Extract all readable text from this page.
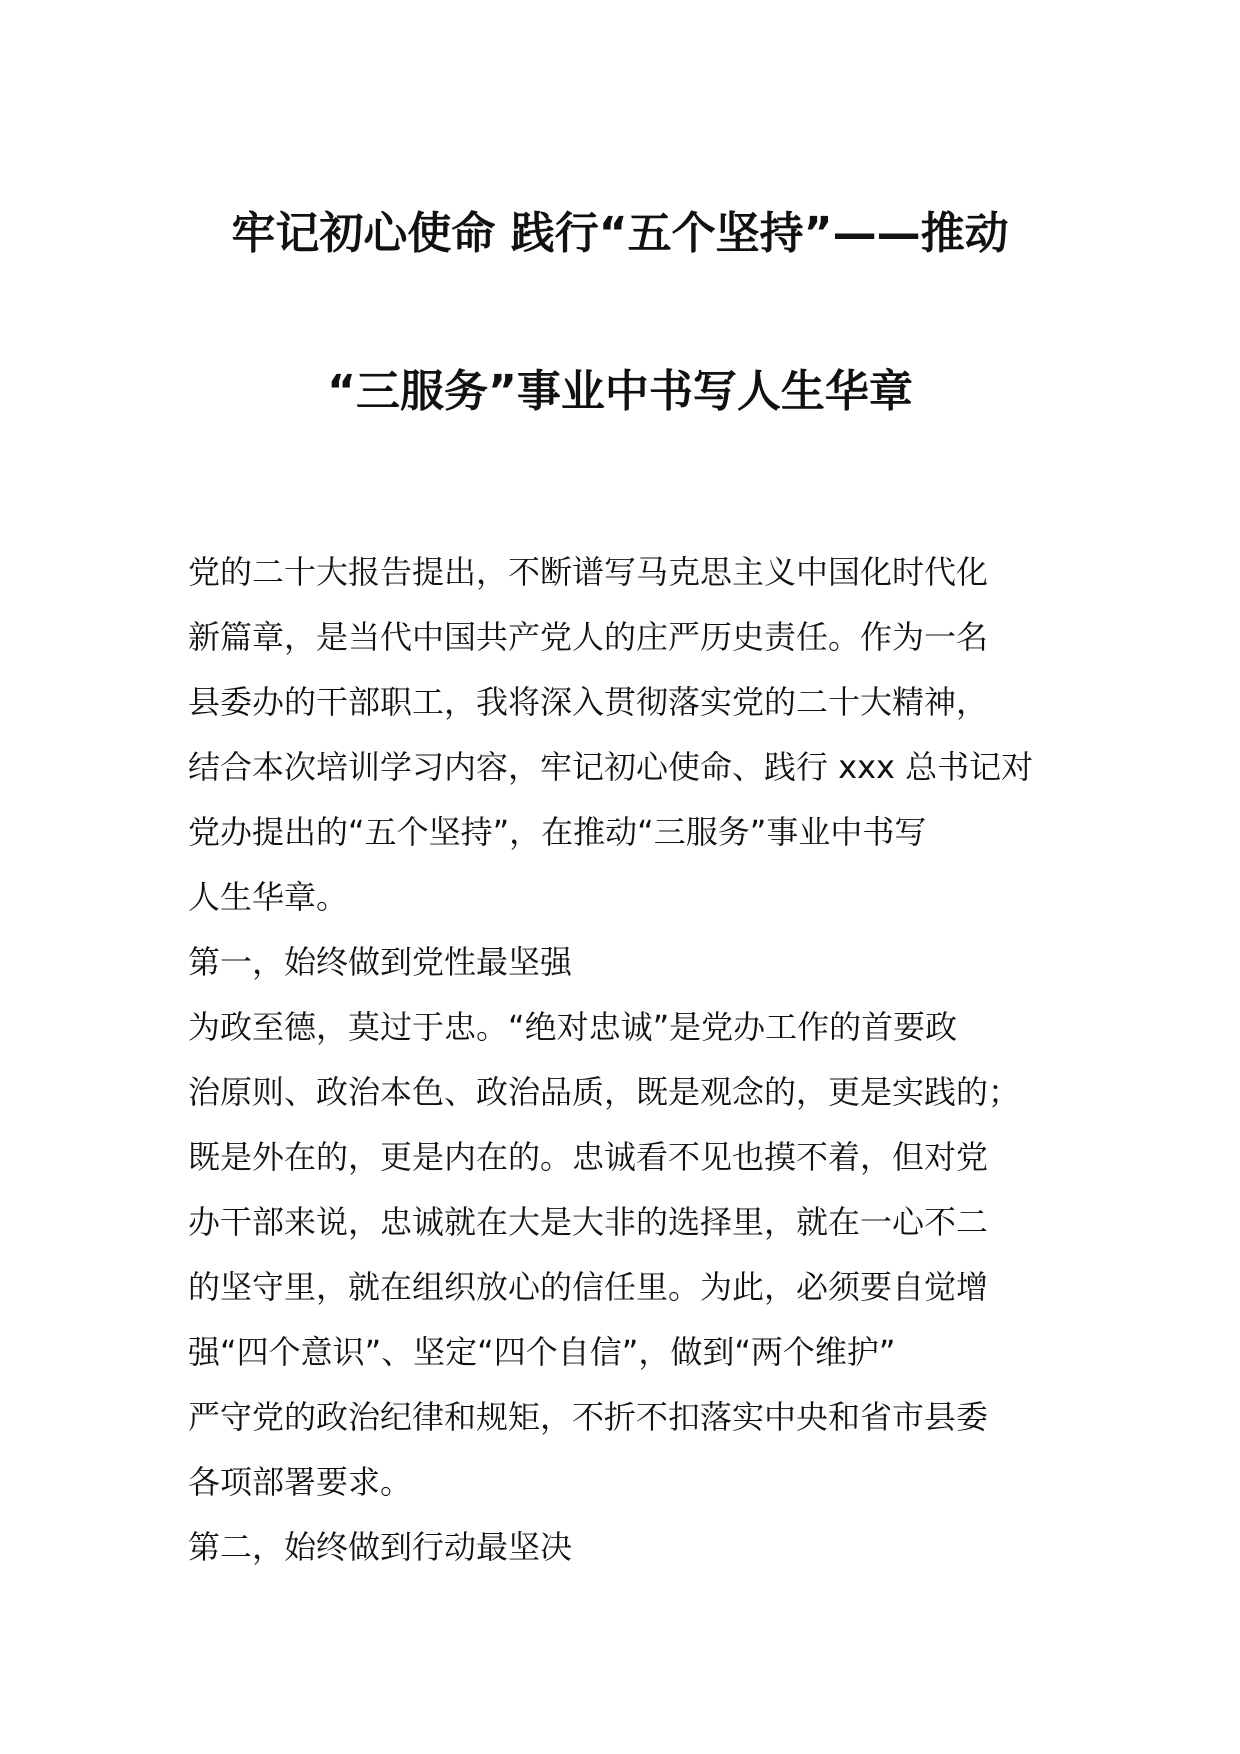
牢记初心使命 践行“五个坚持”——推动
“三服务”事业中书写人生华章
党的二十大报告提出，不断谱写马克思主义中国化时代化
新篇章，是当代中国共产党人的庄严历史责任。作为一名
县委办的干部职工，我将深入贯彻落实党的二十大精神，
结合本次培训学习内容，牢记初心使命、践行 xxx 总书记对
党办提出的“五个坚持”，在推动“三服务”事业中书写
人生华章。
第一，始终做到党性最坚强
为政至德，莫过于忠。“绝对忠诚”是党办工作的首要政
治原则、政治本色、政治品质，既是观念的，更是实践的；
既是外在的，更是内在的。忠诚看不见也摸不着，但对党
办干部来说，忠诚就在大是大非的选择里，就在一心不二
的坚守里，就在组织放心的信任里。为此，必须要自觉增
强“四个意识”、坚定“四个自信”，做到“两个维护”
严守党的政治纪律和规矩，不折不扣落实中央和省市县委
各项部署要求。
第二，始终做到行动最坚决
